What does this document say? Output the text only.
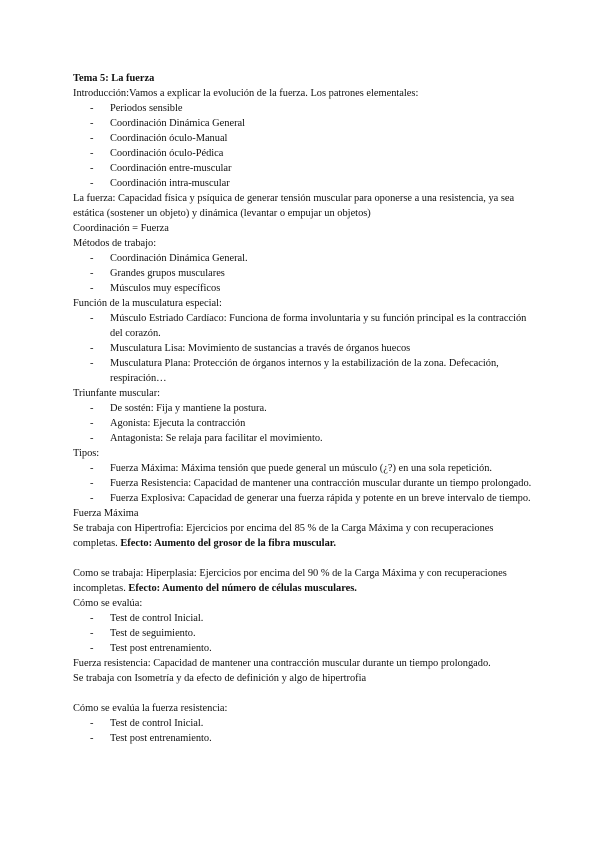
Tema 5: La fuerza

Introducción:Vamos a explicar la evolución de la fuerza. Los patrones elementales:

- Periodos sensible
- Coordinación Dinámica General
- Coordinación óculo-Manual
- Coordinación óculo-Pédica
- Coordinación entre-muscular
- Coordinación intra-muscular

La fuerza: Capacidad física y psíquica de generar tensión muscular para oponerse a una resistencia, ya sea estática (sostener un objeto) y dinámica (levantar o empujar un objetos)

Coordinación = Fuerza

Métodos de trabajo:

- Coordinación Dinámica General.
- Grandes grupos musculares
- Músculos muy específicos

Función de la musculatura especial:

- Músculo Estriado Cardíaco: Funciona de forma involuntaria y su función principal es la contracción del corazón.
- Musculatura Lisa: Movimiento de sustancias a través de órganos huecos
- Musculatura Plana: Protección de órganos internos y la estabilización de la zona. Defecación, respiración…

Triunfante muscular:

- De sostén: Fija y mantiene la postura.
- Agonista: Ejecuta la contracción
- Antagonista: Se relaja para facilitar el movimiento.

Tipos:

- Fuerza Máxima: Máxima tensión que puede general un músculo (¿?) en una sola repetición.
- Fuerza Resistencia: Capacidad de mantener una contracción muscular durante un tiempo prolongado.
- Fuerza Explosiva: Capacidad de generar una fuerza rápida y potente en un breve intervalo de tiempo.

Fuerza Máxima

Se trabaja con Hipertrofia: Ejercicios por encima del 85 % de la Carga Máxima y con recuperaciones completas. Efecto: Aumento del grosor de la fibra muscular.

Como se trabaja: Hiperplasia: Ejercicios por encima del 90 % de la Carga Máxima y con recuperaciones incompletas. Efecto: Aumento del número de células musculares.

Cómo se evalúa:

- Test de control Inicial.
- Test de seguimiento.
- Test post entrenamiento.

Fuerza resistencia: Capacidad de mantener una contracción muscular durante un tiempo prolongado.

Se trabaja con Isometría y da efecto de definición y algo de hipertrofia

Cómo se evalúa la fuerza resistencia:

- Test de control Inicial.
- Test post entrenamiento.
